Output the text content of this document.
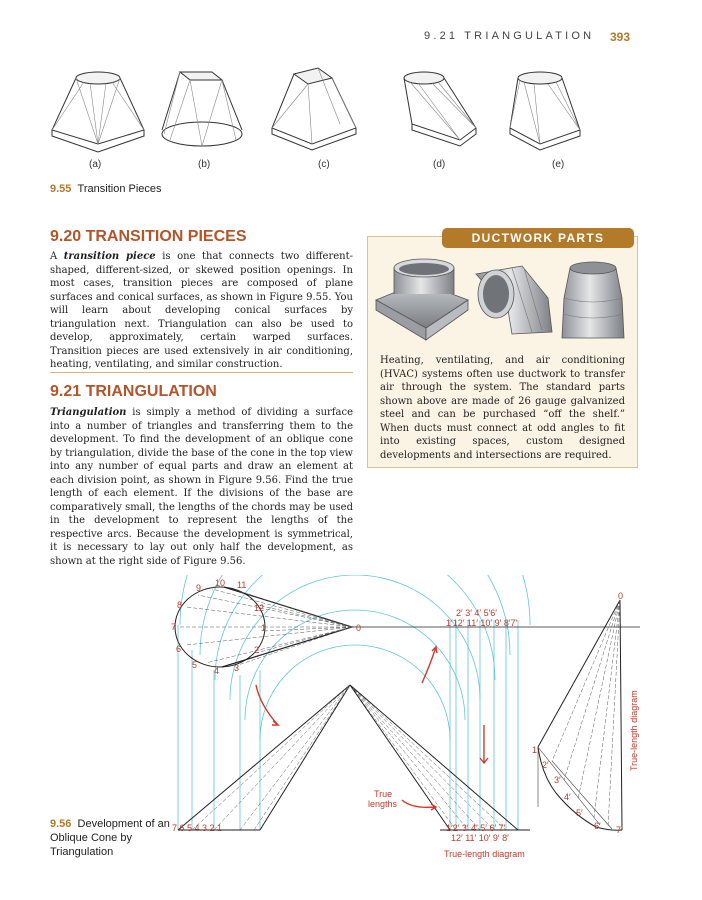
9.21 TRIANGULATION 393
(a)	(b)	(c)	(d)	(e)
9.55 Transition Pieces
9.20 TRANSITION PIECES
A transition piece is one that connects two different-shaped, different-sized, or skewed position openings. In most cases, transition pieces are composed of plane surfaces and conical surfaces, as shown in Figure 9.55. You will learn about developing conical surfaces by triangulation next. Triangulation can also be used to develop, approximately, certain warped surfaces. Transition pieces are used extensively in air conditioning, heating, ventilating, and similar construction.
9.21 TRIANGULATION
Triangulation is simply a method of dividing a surface into a number of triangles and transferring them to the development. To find the development of an oblique cone by triangulation, divide the base of the cone in the top view into any number of equal parts and draw an element at each division point, as shown in Figure 9.56. Find the true length of each element. If the divisions of the base are comparatively small, the lengths of the chords may be used in the development to represent the lengths of the respective arcs. Because the development is symmetrical, it is necessary to lay out only half the development, as shown at the right side of Figure 9.56.
DUCTWORK PARTS
Heating, ventilating, and air conditioning (HVAC) systems often use ductwork to transfer air through the system. The standard parts shown above are made of 26 gauge galvanized steel and can be purchased “off the shelf.” When ducts must connect at odd angles to fit into existing spaces, custom designed developments and intersections are required.
9 10 11
8	12
7	1
6	2
5
4 3
0
2′ 3′ 4′ 5′6′
1′12′ 11′ 10′ 9′ 8′7′
7 6 5 4 3 2 1	1′2′ 3′ 4′ 5′ 6′ 7′
12′ 11′ 10′ 9′ 8′
True-length diagram
0
1′
2′
3′
4′
5′
6′ 7′
True lengths
True-length diagram
9.56 Development of an Oblique Cone by Triangulation
